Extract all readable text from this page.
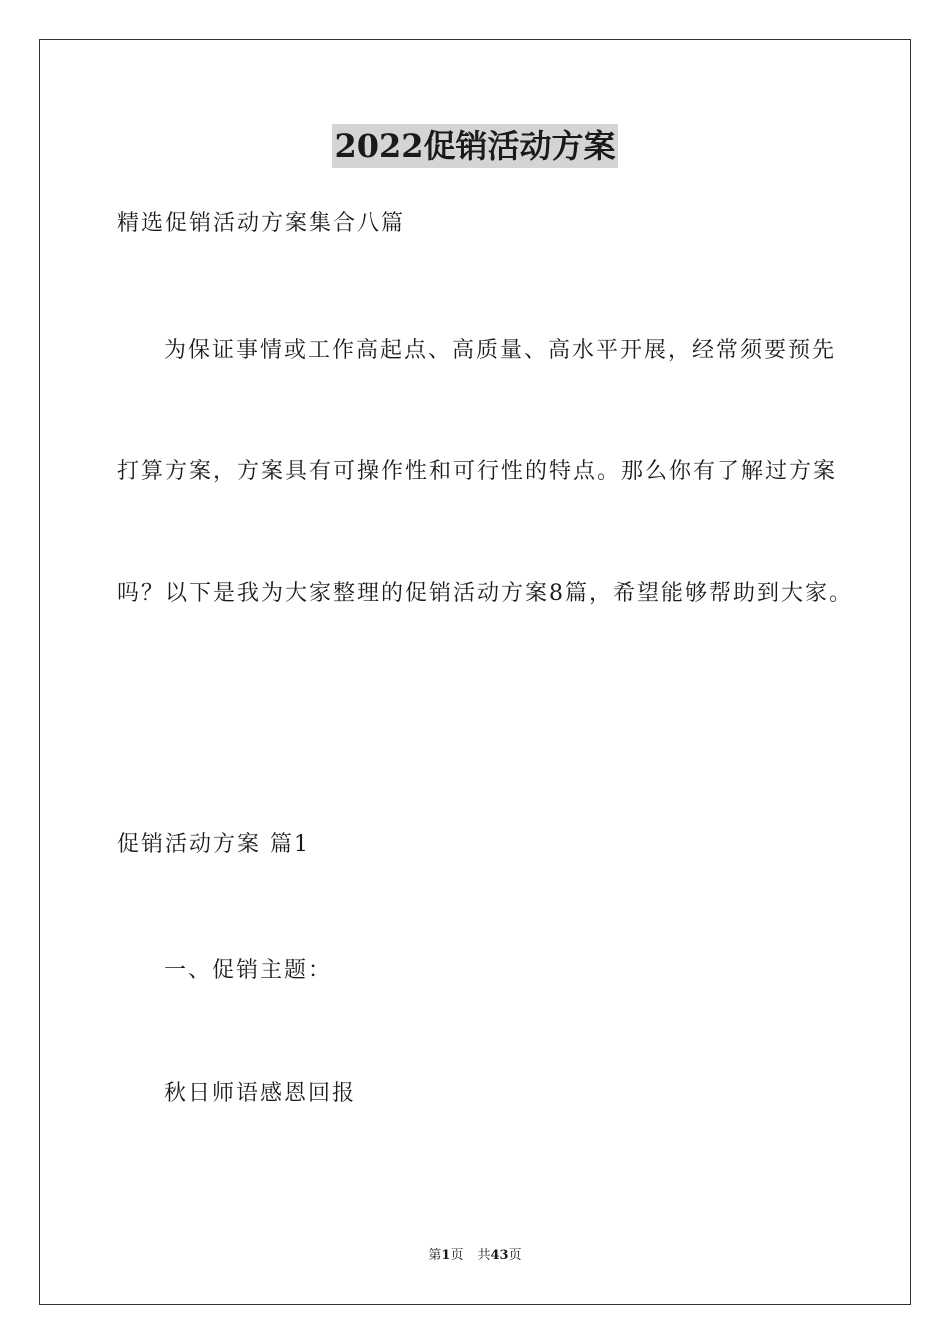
2022促销活动方案
精选促销活动方案集合八篇
为保证事情或工作高起点、高质量、高水平开展，经常须要预先
打算方案，方案具有可操作性和可行性的特点。那么你有了解过方案
吗？以下是我为大家整理的促销活动方案8篇，希望能够帮助到大家。
促销活动方案 篇1
一、促销主题：
秋日师语感恩回报
第1页 共43页
